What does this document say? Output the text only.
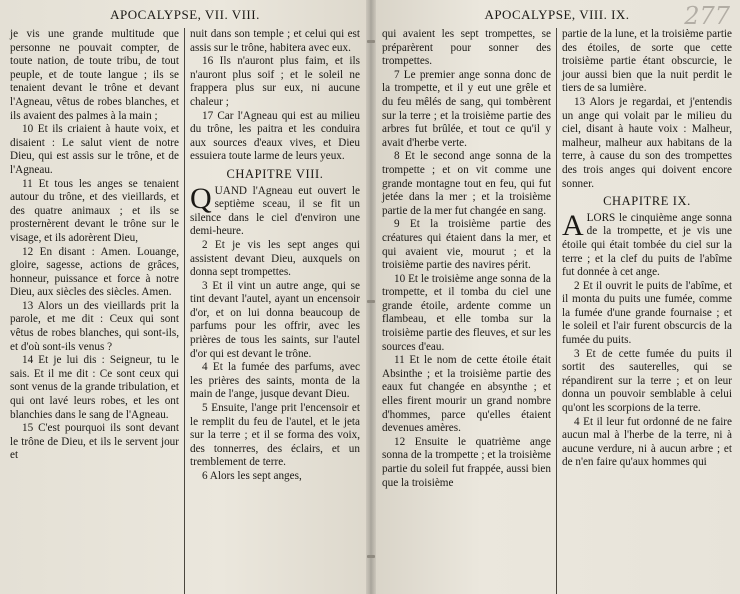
APOCALYPSE, VII. VIII.

je vis une grande multitude que personne ne pouvait compter, de toute nation, de toute tribu, de tout peuple, et de toute langue ; ils se tenaient devant le trône et devant l'Agneau, vêtus de robes blanches, et ils avaient des palmes à la main ;

10 Et ils criaient à haute voix, et disaient : Le salut vient de notre Dieu, qui est assis sur le trône, et de l'Agneau.

11 Et tous les anges se tenaient autour du trône, et des vieillards, et des quatre animaux ; et ils se prosternèrent devant le trône sur le visage, et ils adorèrent Dieu,

12 En disant : Amen. Louange, gloire, sagesse, actions de grâces, honneur, puissance et force à notre Dieu, aux siècles des siècles. Amen.

13 Alors un des vieillards prit la parole, et me dit : Ceux qui sont vêtus de robes blanches, qui sont-ils, et d'où sont-ils venus ?

14 Et je lui dis : Seigneur, tu le sais. Et il me dit : Ce sont ceux qui sont venus de la grande tribulation, et qui ont lavé leurs robes, et les ont blanchies dans le sang de l'Agneau.

15 C'est pourquoi ils sont devant le trône de Dieu, et ils le servent jour et

nuit dans son temple ; et celui qui est assis sur le trône, habitera avec eux.

16 Ils n'auront plus faim, et ils n'auront plus soif ; et le soleil ne frappera plus sur eux, ni aucune chaleur ;

17 Car l'Agneau qui est au milieu du trône, les paitra et les conduira aux sources d'eaux vives, et Dieu essuiera toute larme de leurs yeux.

CHAPITRE VIII.

QUAND l'Agneau eut ouvert le septième sceau, il se fit un silence dans le ciel d'environ une demi-heure.

2 Et je vis les sept anges qui assistent devant Dieu, auxquels on donna sept trompettes.

3 Et il vint un autre ange, qui se tint devant l'autel, ayant un encensoir d'or, et on lui donna beaucoup de parfums pour les offrir, avec les prières de tous les saints, sur l'autel d'or qui est devant le trône.

4 Et la fumée des parfums, avec les prières des saints, monta de la main de l'ange, jusque devant Dieu.

5 Ensuite, l'ange prit l'encensoir et le remplit du feu de l'autel, et le jeta sur la terre ; et il se forma des voix, des tonnerres, des éclairs, et un tremblement de terre.

6 Alors les sept anges,

277
APOCALYPSE, VIII. IX.

qui avaient les sept trompettes, se préparèrent pour sonner des trompettes.

7 Le premier ange sonna donc de la trompette, et il y eut une grêle et du feu mêlés de sang, qui tombèrent sur la terre ; et la troisième partie des arbres fut brûlée, et tout ce qu'il y avait d'herbe verte.

8 Et le second ange sonna de la trompette ; et on vit comme une grande montagne tout en feu, qui fut jetée dans la mer ; et la troisième partie de la mer fut changée en sang.

9 Et la troisième partie des créatures qui étaient dans la mer, et qui avaient vie, mourut ; et la troisième partie des navires périt.

10 Et le troisième ange sonna de la trompette, et il tomba du ciel une grande étoile, ardente comme un flambeau, et elle tomba sur la troisième partie des fleuves, et sur les sources d'eau.

11 Et le nom de cette étoile était Absinthe ; et la troisième partie des eaux fut changée en absynthe ; et elles firent mourir un grand nombre d'hommes, parce qu'elles étaient devenues amères.

12 Ensuite le quatrième ange sonna de la trompette ; et la troisième partie du soleil fut frappée, aussi bien que la troisième

partie de la lune, et la troisième partie des étoiles, de sorte que cette troisième partie étant obscurcie, le jour aussi bien que la nuit perdit le tiers de sa lumière.

13 Alors je regardai, et j'entendis un ange qui volait par le milieu du ciel, disant à haute voix : Malheur, malheur, malheur aux habitans de la terre, à cause du son des trompettes des trois anges qui doivent encore sonner.

CHAPITRE IX.

ALORS le cinquième ange sonna de la trompette, et je vis une étoile qui était tombée du ciel sur la terre ; et la clef du puits de l'abîme fut donnée à cet ange.

2 Et il ouvrit le puits de l'abîme, et il monta du puits une fumée, comme la fumée d'une grande fournaise ; et le soleil et l'air furent obscurcis de la fumée du puits.

3 Et de cette fumée du puits il sortit des sauterelles, qui se répandirent sur la terre ; et on leur donna un pouvoir semblable à celui qu'ont les scorpions de la terre.

4 Et il leur fut ordonné de ne faire aucun mal à l'herbe de la terre, ni à aucune verdure, ni à aucun arbre ; et de n'en faire qu'aux hommes qui
